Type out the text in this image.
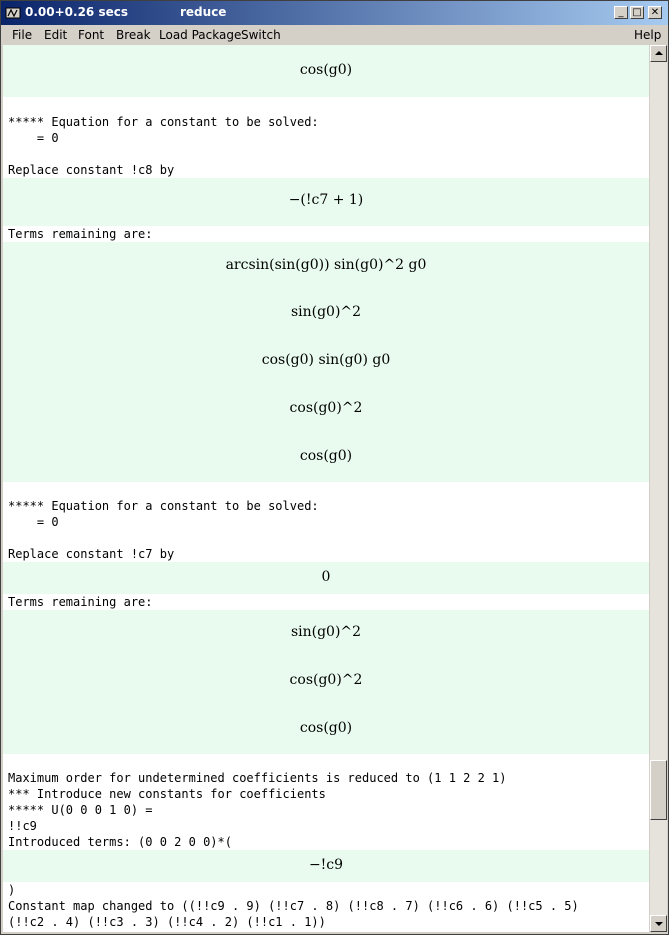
0.00+0.26 secs	reduce	_ □ ✕
File Edit Font Break Load Package Switch	Help
cos(g0)
***** Equation for a constant to be solved:
= 0
Replace constant !c8 by
−(!c7 + 1)
Terms remaining are:
arcsin(sin(g0)) sin(g0)^2 g0
sin(g0)^2
cos(g0) sin(g0) g0
cos(g0)^2
cos(g0)
***** Equation for a constant to be solved:
= 0
Replace constant !c7 by
0
Terms remaining are:
sin(g0)^2
cos(g0)^2
cos(g0)
Maximum order for undetermined coefficients is reduced to (1 1 2 2 1)
*** Introduce new constants for coefficients
***** U(0 0 0 1 0) =
!!c9
Introduced terms: (0 0 2 0 0)*(
−!c9
)
Constant map changed to ((!!c9 . 9) (!!c7 . 8) (!!c8 . 7) (!!c6 . 6) (!!c5 . 5)
(!!c2 . 4) (!!c3 . 3) (!!c4 . 2) (!!c1 . 1))
